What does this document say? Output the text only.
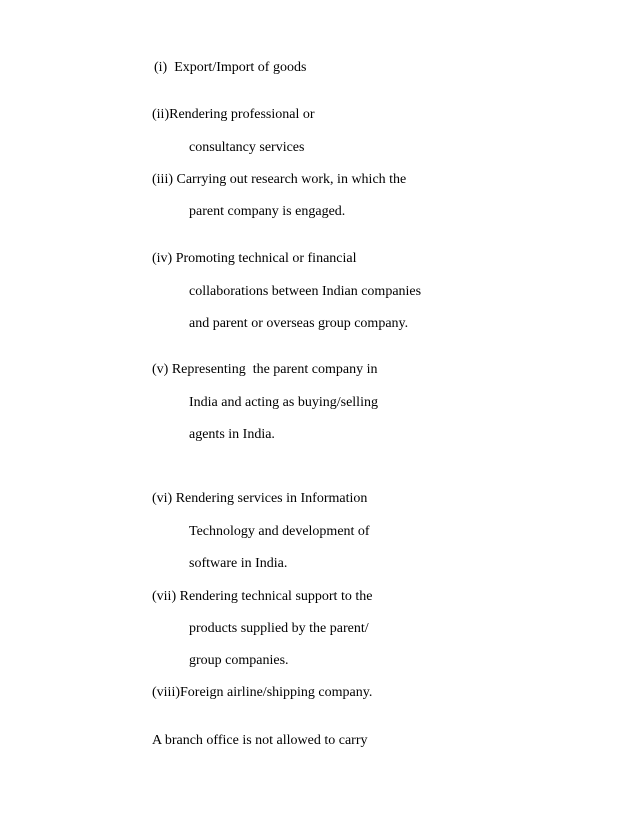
(i)  Export/Import of goods

(ii)Rendering professional or

consultancy services

(iii) Carrying out research work, in which the

parent company is engaged.

(iv) Promoting technical or financial

collaborations between Indian companies

and parent or overseas group company.

(v) Representing  the parent company in

India and acting as buying/selling

agents in India.

(vi) Rendering services in Information

Technology and development of

software in India.

(vii) Rendering technical support to the

products supplied by the parent/

group companies.

(viii)Foreign airline/shipping company.

A branch office is not allowed to carry
